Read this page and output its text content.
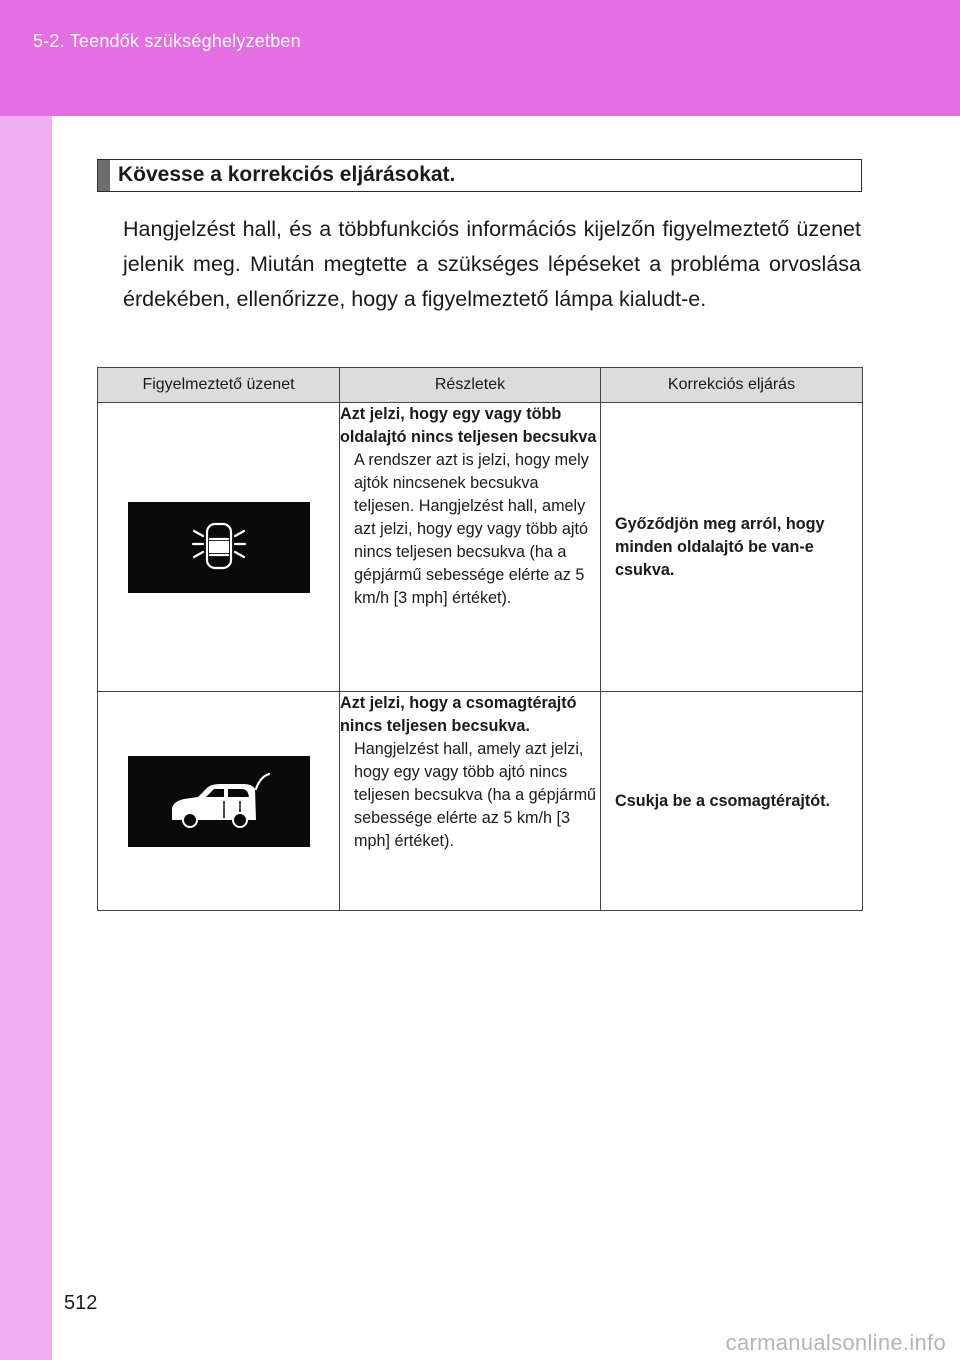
5-2. Teendők szükséghelyzetben
Kövesse a korrekciós eljárásokat.

Hangjelzést hall, és a többfunkciós információs kijelzőn figyelmeztető üzenet jelenik meg. Miután megtette a szükséges lépéseket a probléma orvoslása érdekében, ellenőrizze, hogy a figyelmeztető lámpa kialudt-e.

Figyelmeztető üzenet	Részletek	Korrekciós eljárás

Azt jelzi, hogy egy vagy több oldalajtó nincs teljesen becsukva
A rendszer azt is jelzi, hogy mely ajtók nincsenek becsukva teljesen. Hangjelzést hall, amely azt jelzi, hogy egy vagy több ajtó nincs teljesen becsukva (ha a gépjármű sebessége elérte az 5 km/h [3 mph] értéket).	Győződjön meg arról, hogy minden oldalajtó be van-e csukva.

Azt jelzi, hogy a csomagtérajtó nincs teljesen becsukva.
Hangjelzést hall, amely azt jelzi, hogy egy vagy több ajtó nincs teljesen becsukva (ha a gépjármű sebessége elérte az 5 km/h [3 mph] értéket).	Csukja be a csomagtérajtót.
512
carmanualsonline.info
